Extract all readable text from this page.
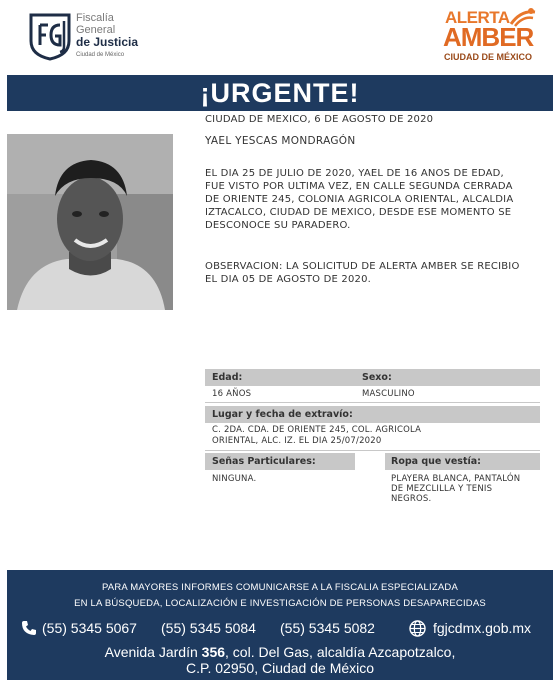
Fiscalía
General
de Justicia
Ciudad de México
ALERTA
AMBER
CIUDAD DE MÉXICO
¡URGENTE!
CIUDAD DE MEXICO, 6 DE AGOSTO DE 2020
YAEL YESCAS MONDRAGÓN
EL DIA 25 DE JULIO DE 2020, YAEL DE 16 ANOS DE EDAD, FUE VISTO POR ULTIMA VEZ, EN CALLE SEGUNDA CERRADA DE ORIENTE 245, COLONIA AGRICOLA ORIENTAL, ALCALDIA IZTACALCO, CIUDAD DE MEXICO, DESDE ESE MOMENTO SE DESCONOCE SU PARADERO.
OBSERVACION: LA SOLICITUD DE ALERTA AMBER SE RECIBIO EL DIA 05 DE AGOSTO DE 2020.
Edad:	Sexo:
16 AÑOS	MASCULINO
Lugar y fecha de extravío:
C. 2DA. CDA. DE ORIENTE 245, COL. AGRICOLA
ORIENTAL, ALC. IZ. EL DIA 25/07/2020
Señas Particulares:	Ropa que vestía:
NINGUNA.	PLAYERA BLANCA, PANTALÓN
DE MEZCLILLA Y TENIS
NEGROS.
PARA MAYORES INFORMES COMUNICARSE A LA FISCALIA ESPECIALIZADA
EN LA BÚSQUEDA, LOCALIZACIÓN E INVESTIGACIÓN DE PERSONAS DESAPARECIDAS
(55) 5345 5067 (55) 5345 5084 (55) 5345 5082	fgjcdmx.gob.mx
Avenida Jardín 356, col. Del Gas, alcaldía Azcapotzalco,
C.P. 02950, Ciudad de México
